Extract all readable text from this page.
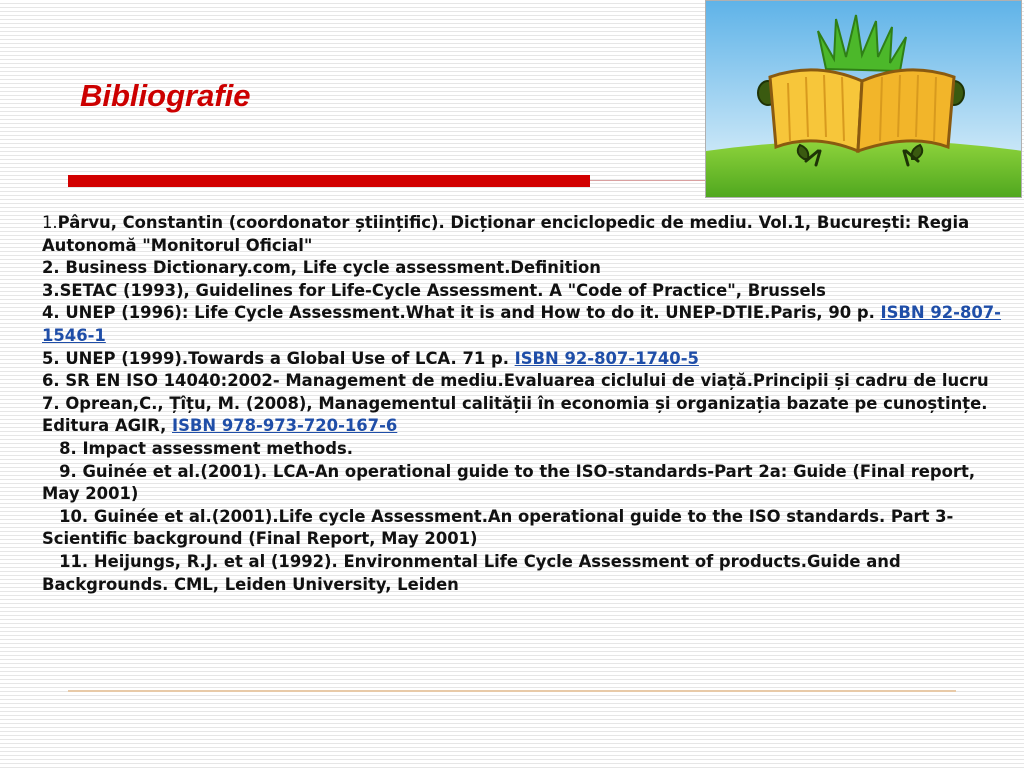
Bibliografie
1.Pârvu, Constantin (coordonator științific). Dicționar enciclopedic de mediu. Vol.1, București: Regia Autonomă "Monitorul Oficial"
2. Business Dictionary.com, Life cycle assessment.Definition
3.SETAC (1993), Guidelines for Life-Cycle Assessment. A "Code of Practice", Brussels
4. UNEP (1996): Life Cycle Assessment.What it is and How to do it. UNEP-DTIE.Paris, 90 p. ISBN 92-807-1546-1
5. UNEP (1999).Towards a Global Use of LCA. 71 p. ISBN 92-807-1740-5
6. SR EN ISO 14040:2002- Management de mediu.Evaluarea ciclului de viață.Principii și cadru de lucru
7. Oprean,C., Țîțu, M. (2008), Managementul calității în economia și organizația bazate pe cunoștințe. Editura AGIR, ISBN 978-973-720-167-6
8. Impact assessment methods.
9. Guinée et al.(2001). LCA-An operational guide to the ISO-standards-Part 2a: Guide (Final report, May 2001)
10. Guinée et al.(2001).Life cycle Assessment.An operational guide to the ISO standards. Part 3-Scientific background (Final Report, May 2001)
11. Heijungs, R.J. et al (1992). Environmental Life Cycle Assessment of products.Guide and Backgrounds. CML, Leiden University, Leiden
